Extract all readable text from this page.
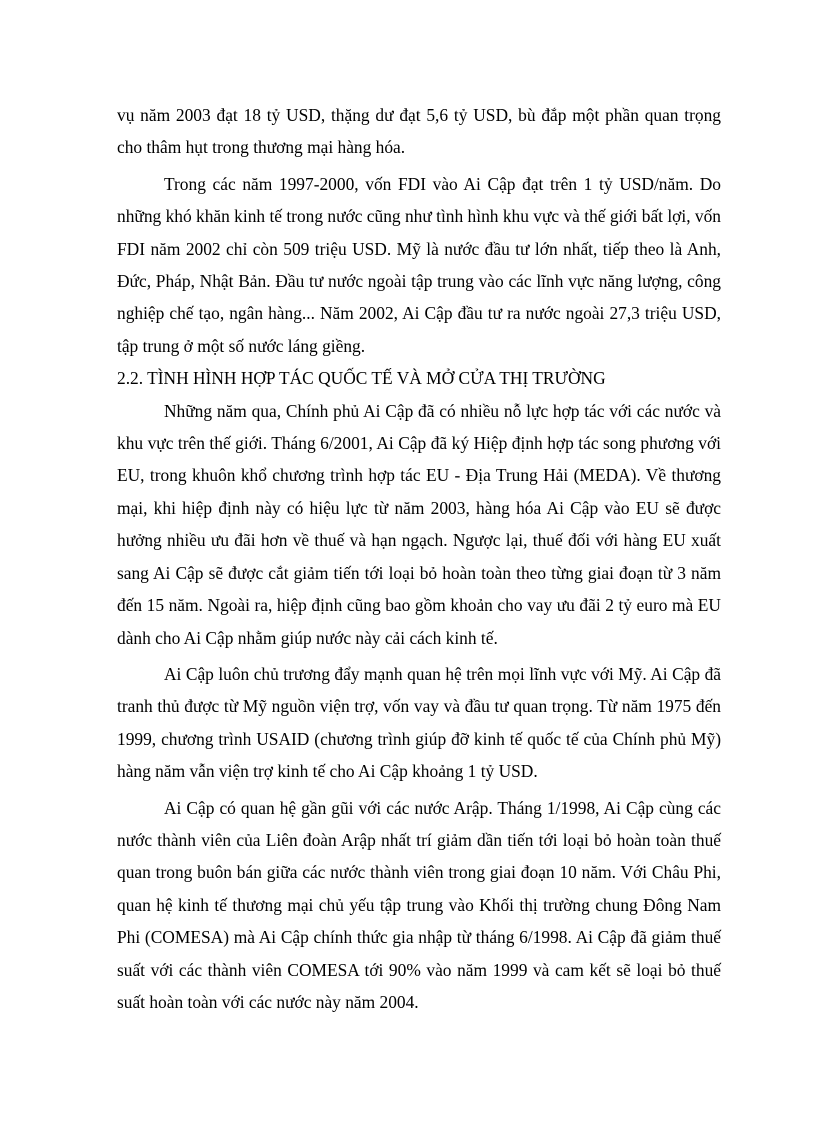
vụ năm 2003 đạt 18 tỷ USD, thặng dư đạt 5,6 tỷ USD, bù đắp một phần quan trọng cho thâm hụt trong thương mại hàng hóa.

Trong các năm 1997-2000, vốn FDI vào Ai Cập đạt trên 1 tỷ USD/năm. Do những khó khăn kinh tế trong nước cũng như tình hình khu vực và thế giới bất lợi, vốn FDI năm 2002 chỉ còn 509 triệu USD. Mỹ là nước đầu tư lớn nhất, tiếp theo là Anh, Đức, Pháp, Nhật Bản. Đầu tư nước ngoài tập trung vào các lĩnh vực năng lượng, công nghiệp chế tạo, ngân hàng... Năm 2002, Ai Cập đầu tư ra nước ngoài 27,3 triệu USD, tập trung ở một số nước láng giềng.

2.2. TÌNH HÌNH HỢP TÁC QUỐC TẾ VÀ MỞ CỬA THỊ TRƯỜNG

Những năm qua, Chính phủ Ai Cập đã có nhiều nỗ lực hợp tác với các nước và khu vực trên thế giới. Tháng 6/2001, Ai Cập đã ký Hiệp định hợp tác song phương với EU, trong khuôn khổ chương trình hợp tác EU - Địa Trung Hải (MEDA). Về thương mại, khi hiệp định này có hiệu lực từ năm 2003, hàng hóa Ai Cập vào EU sẽ được hưởng nhiều ưu đãi hơn về thuế và hạn ngạch. Ngược lại, thuế đối với hàng EU xuất sang Ai Cập sẽ được cắt giảm tiến tới loại bỏ hoàn toàn theo từng giai đoạn từ 3 năm đến 15 năm. Ngoài ra, hiệp định cũng bao gồm khoản cho vay ưu đãi 2 tỷ euro mà EU dành cho Ai Cập nhằm giúp nước này cải cách kinh tế.

Ai Cập luôn chủ trương đẩy mạnh quan hệ trên mọi lĩnh vực với Mỹ. Ai Cập đã tranh thủ được từ Mỹ nguồn viện trợ, vốn vay và đầu tư quan trọng. Từ năm 1975 đến 1999, chương trình USAID (chương trình giúp đỡ kinh tế quốc tế của Chính phủ Mỹ) hàng năm vẫn viện trợ kinh tế cho Ai Cập khoảng 1 tỷ USD.

Ai Cập có quan hệ gần gũi với các nước Arập. Tháng 1/1998, Ai Cập cùng các nước thành viên của Liên đoàn Arập nhất trí giảm dần tiến tới loại bỏ hoàn toàn thuế quan trong buôn bán giữa các nước thành viên trong giai đoạn 10 năm. Với Châu Phi, quan hệ kinh tế thương mại chủ yếu tập trung vào Khối thị trường chung Đông Nam Phi (COMESA) mà Ai Cập chính thức gia nhập từ tháng 6/1998. Ai Cập đã giảm thuế suất với các thành viên COMESA tới 90% vào năm 1999 và cam kết sẽ loại bỏ thuế suất hoàn toàn với các nước này năm 2004.
